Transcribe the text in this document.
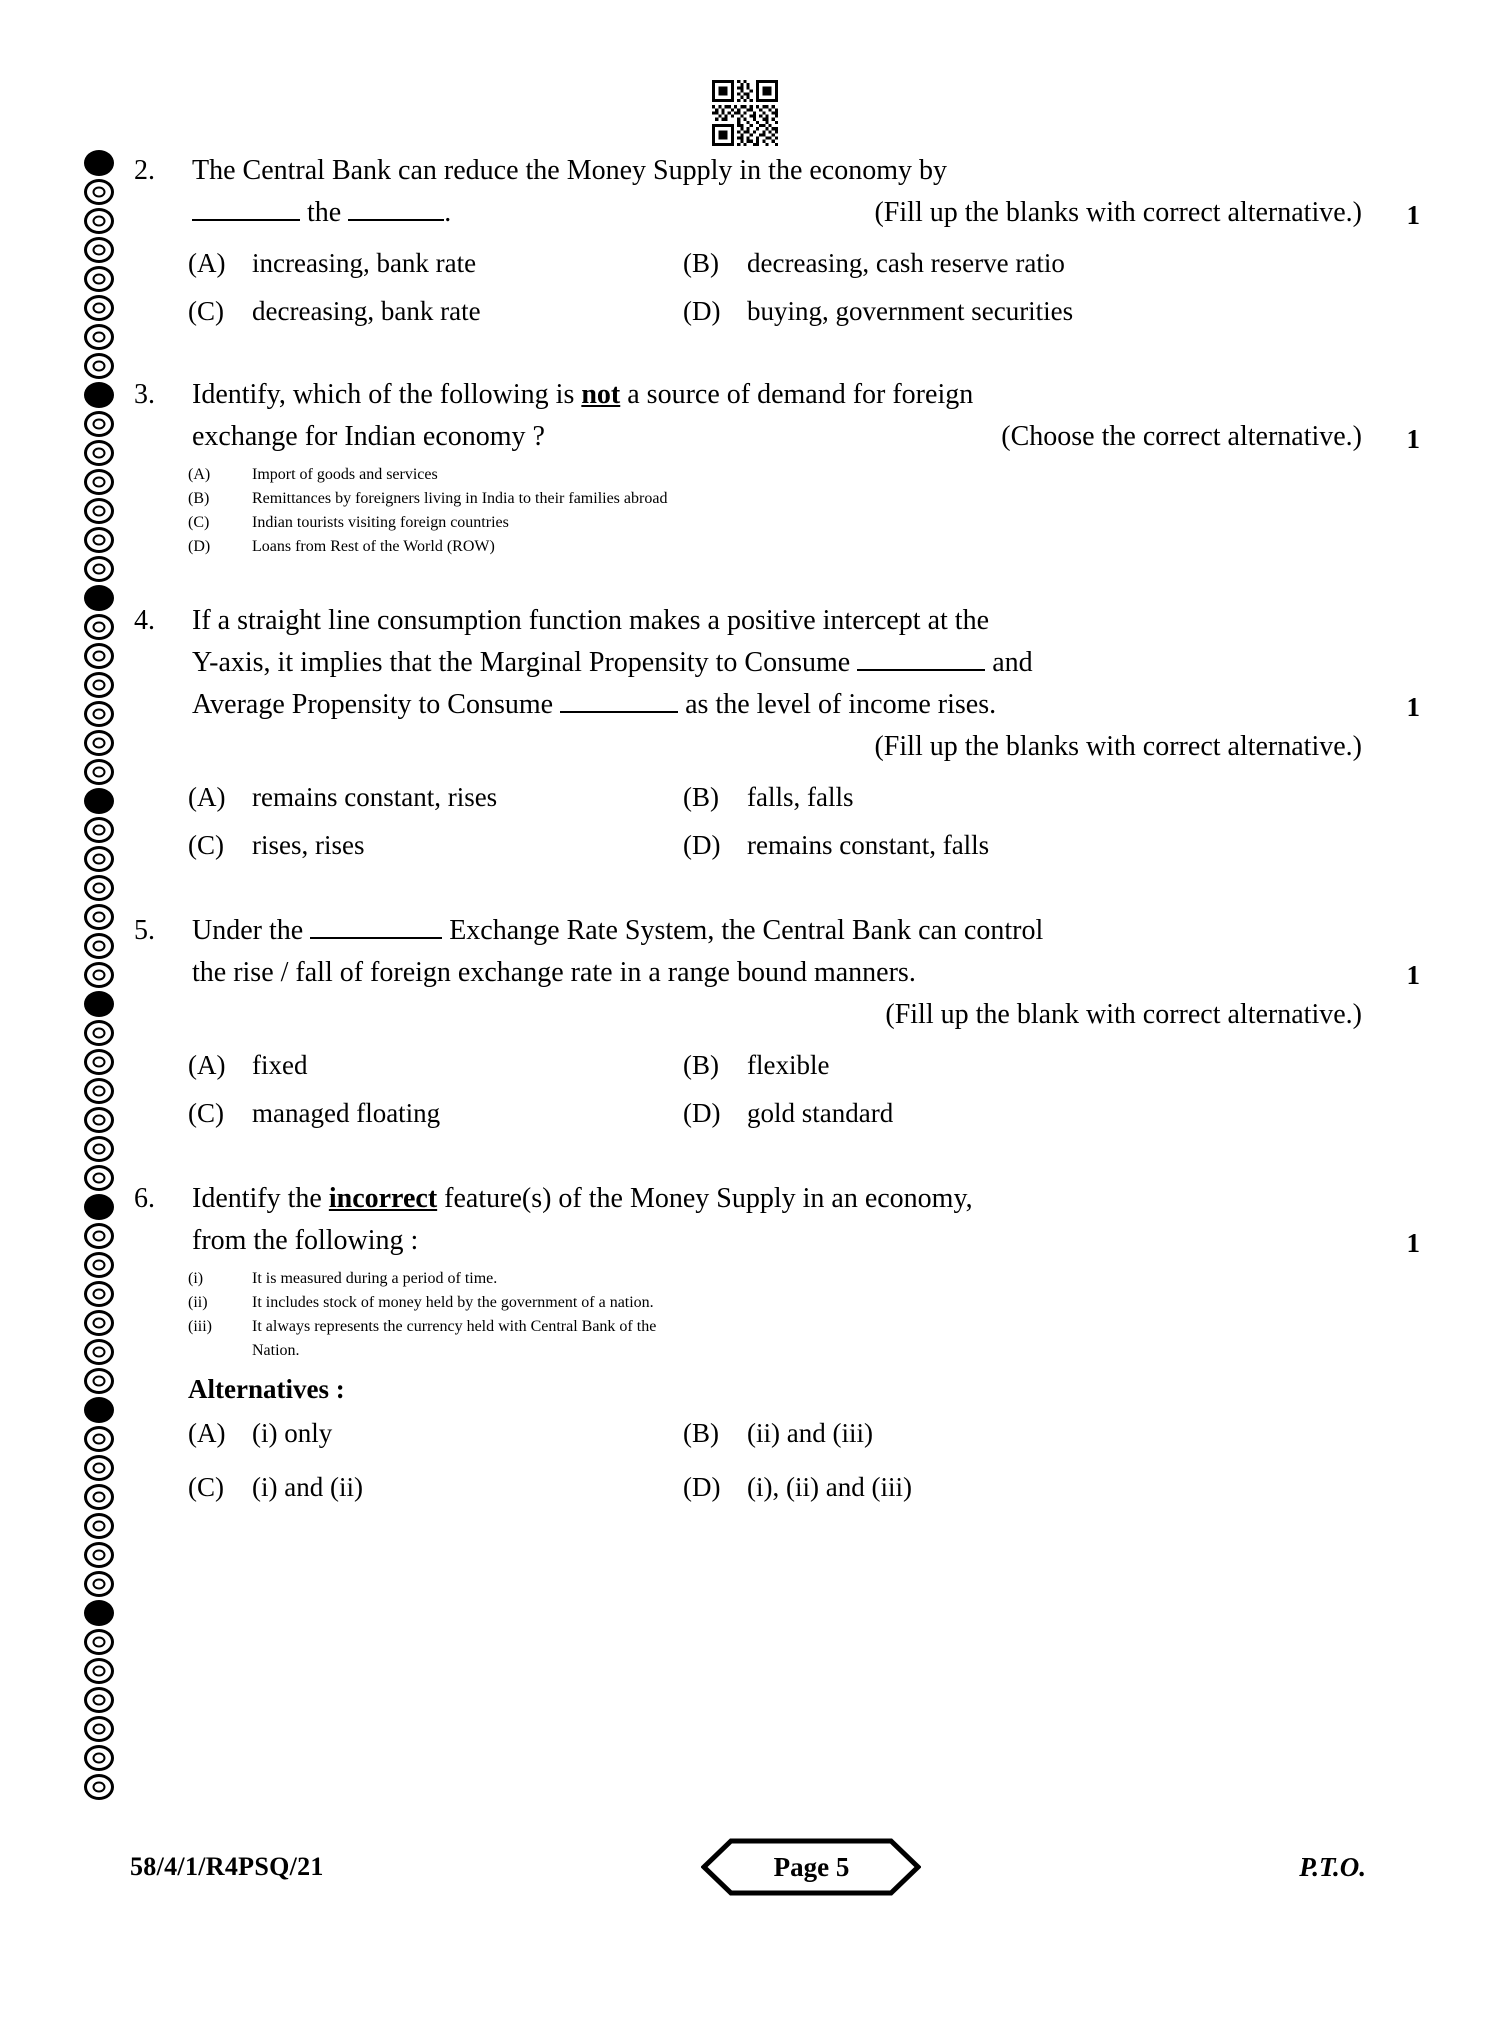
1
2.	The Central Bank can reduce the Money Supply in the economy by
the	.	(Fill up the blanks with correct alternative.)
(A) increasing, bank rate	(B)	decreasing, cash reserve ratio
(C)	decreasing, bank rate	(D) buying, government securities
1
3.	Identify, which of the following is not a source of demand for foreign
exchange for Indian economy ?	(Choose the correct alternative.)
(A)	Import of goods and services
(B)	Remittances by foreigners living in India to their families abroad
(C)	Indian tourists visiting foreign countries
(D)	Loans from Rest of the World (ROW)
1
4.	If a straight line consumption function makes a positive intercept at the
Y-axis, it implies that the Marginal Propensity to Consume	and
Average Propensity to Consume	as the level of income rises.
(Fill up the blanks with correct alternative.)
(A) remains constant, rises	(B)	falls, falls
(C)	rises, rises	(D) remains constant, falls
1
5.	Under the	Exchange Rate System, the Central Bank can control
the rise / fall of foreign exchange rate in a range bound manners.
(Fill up the blank with correct alternative.)
(A) fixed	(B)	flexible
(C)	managed floating	(D) gold standard
1
6.	Identify the incorrect feature(s) of the Money Supply in an economy,
from the following :
(i)	It is measured during a period of time.
(ii)	It includes stock of money held by the government of a nation.
(iii)	It always represents the currency held with Central Bank of the
Nation.
Alternatives :
(A) (i) only	(B)	(ii) and (iii)
(C)	(i) and (ii)	(D) (i), (ii) and (iii)
58/4/1/R4PSQ/21	Page 5	P.T.O.
